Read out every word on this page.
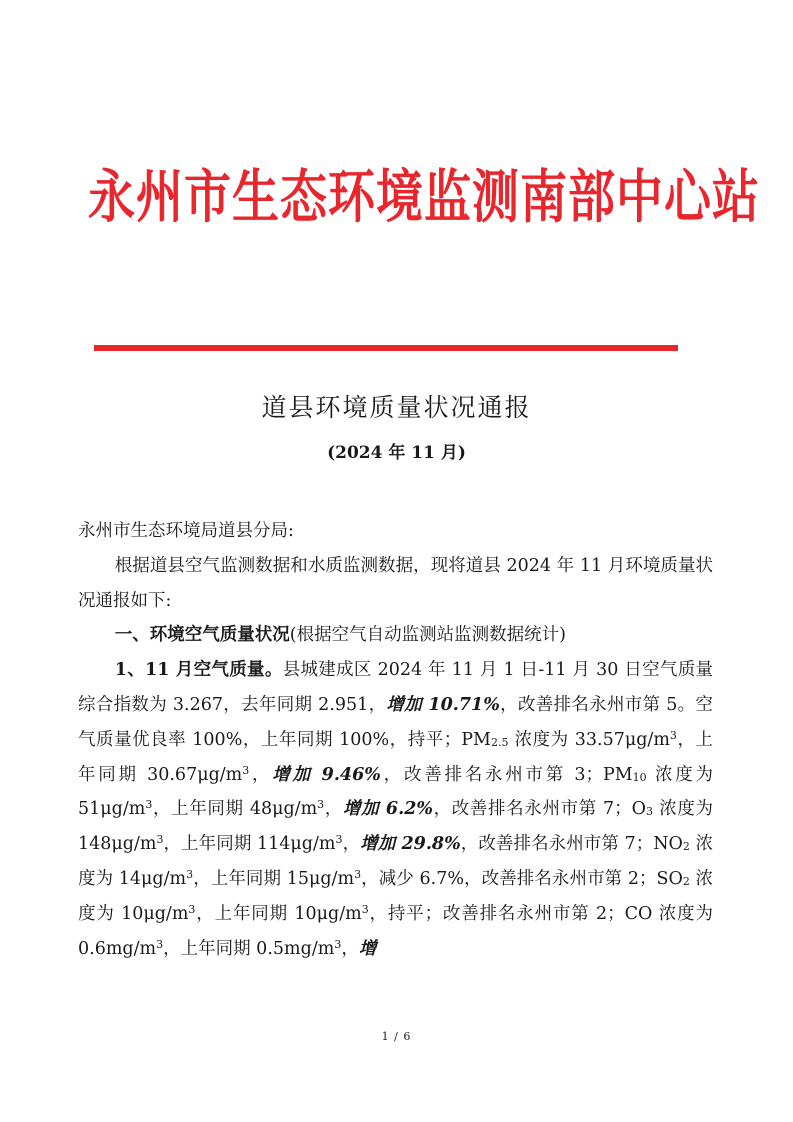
永州市生态环境监测南部中心站
道县环境质量状况通报
(2024 年 11 月)

永州市生态环境局道县分局:

根据道县空气监测数据和水质监测数据，现将道县 2024 年 11 月环境质量状况通报如下:

一、环境空气质量状况(根据空气自动监测站监测数据统计)

1、11 月空气质量。县城建成区 2024 年 11 月 1 日-11 月 30 日空气质量综合指数为 3.267，去年同期 2.951，增加 10.71%，改善排名永州市第 5。空气质量优良率 100%，上年同期 100%，持平；$PM_{2.5}$ 浓度为 $33.57\mu g/m^3$，上年同期 $30.67\mu g/m^3$，增加 9.46%，改善排名永州市第 3；$PM_{10}$ 浓度为 $51\mu g/m^3$，上年同期 $48\mu g/m^3$，增加 6.2%，改善排名永州市第 7；$O_3$ 浓度为 $148\mu g/m^3$，上年同期 $114\mu g/m^3$，增加 29.8%，改善排名永州市第 7；$NO_2$ 浓度为 $14\mu g/m^3$，上年同期 $15\mu g/m^3$，减少 6.7%，改善排名永州市第 2；$SO_2$ 浓度为 $10\mu g/m^3$，上年同期 $10\mu g/m^3$，持平；改善排名永州市第 2；CO 浓度为 $0.6mg/m^3$，上年同期 $0.5mg/m^3$，增

1 / 6
